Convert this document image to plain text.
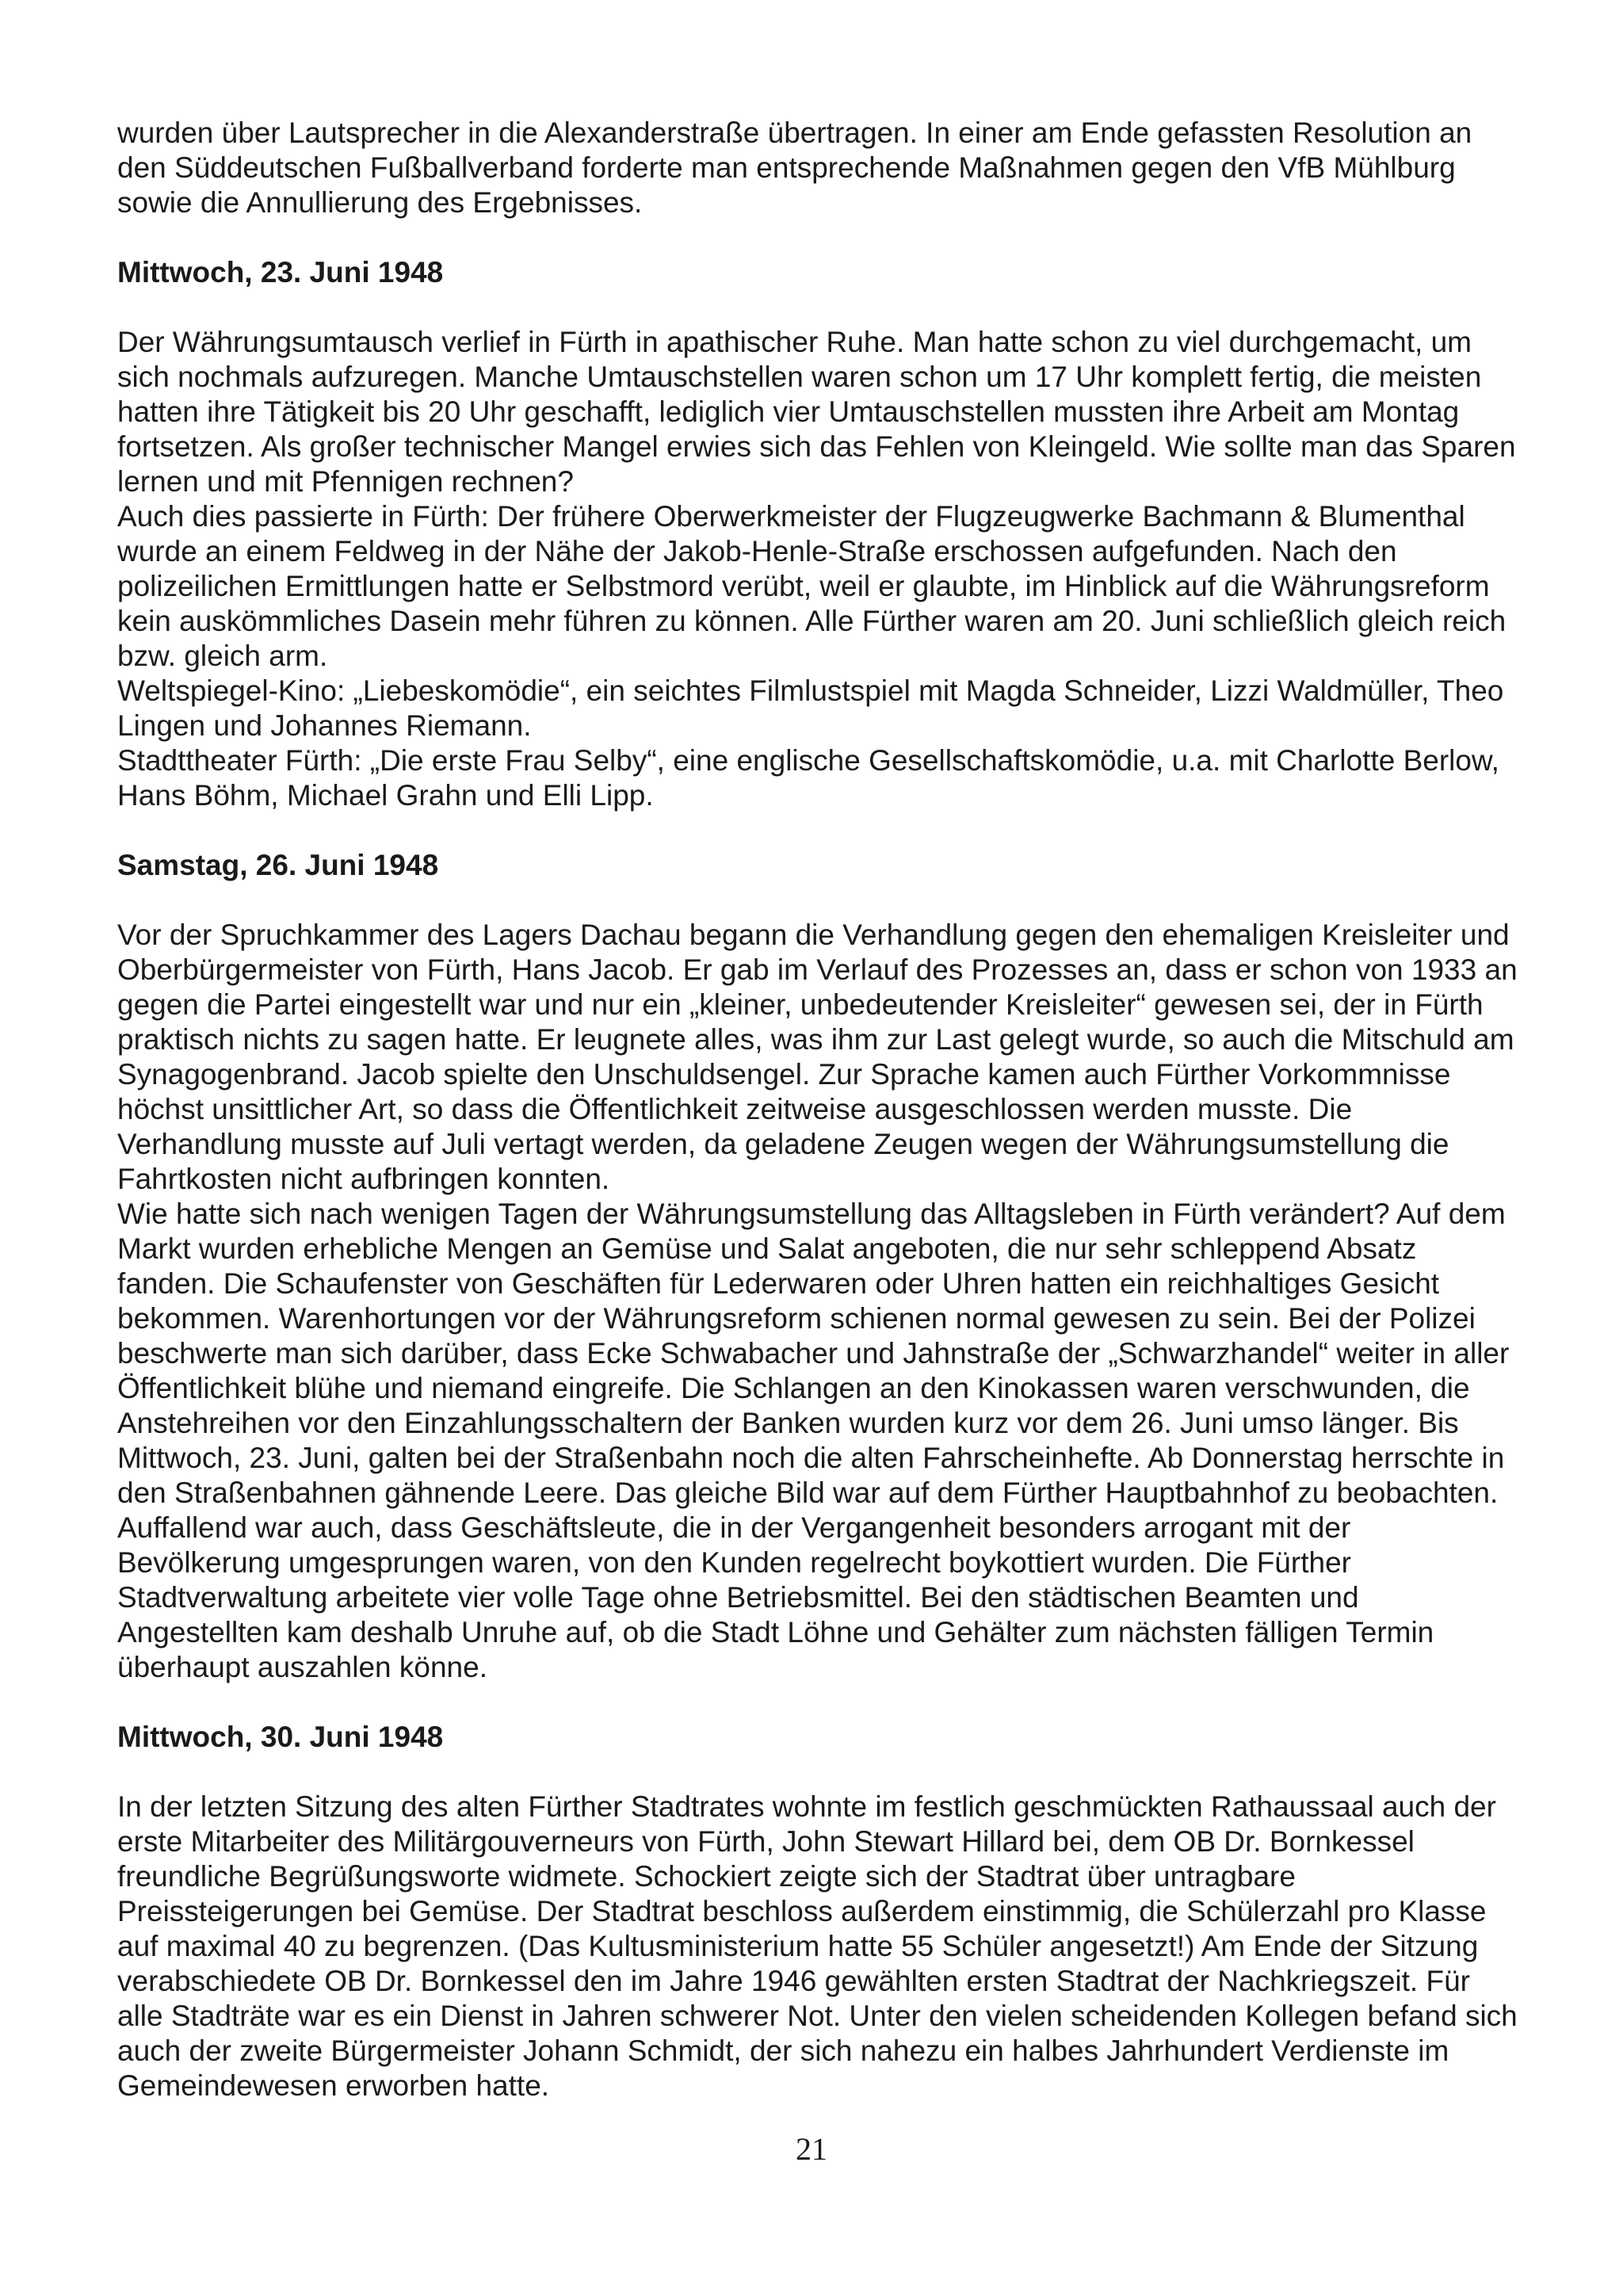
wurden über Lautsprecher in die Alexanderstraße übertragen. In einer am Ende gefassten Resolution an den Süddeutschen Fußballverband forderte man entsprechende Maßnahmen gegen den VfB Mühlburg sowie die Annullierung des Ergebnisses.

Mittwoch, 23. Juni 1948

Der Währungsumtausch verlief in Fürth in apathischer Ruhe. Man hatte schon zu viel durchgemacht, um sich nochmals aufzuregen. Manche Umtauschstellen waren schon um 17 Uhr komplett fertig, die meisten hatten ihre Tätigkeit bis 20 Uhr geschafft, lediglich vier Umtauschstellen mussten ihre Arbeit am Montag fortsetzen. Als großer technischer Mangel erwies sich das Fehlen von Kleingeld. Wie sollte man das Sparen lernen und mit Pfennigen rechnen?

Auch dies passierte in Fürth: Der frühere Oberwerkmeister der Flugzeugwerke Bachmann & Blumenthal wurde an einem Feldweg in der Nähe der Jakob-Henle-Straße erschossen aufgefunden. Nach den polizeilichen Ermittlungen hatte er Selbstmord verübt, weil er glaubte, im Hinblick auf die Währungsreform kein auskömmliches Dasein mehr führen zu können. Alle Fürther waren am 20. Juni schließlich gleich reich bzw. gleich arm.

Weltspiegel-Kino: „Liebeskomödie“, ein seichtes Filmlustspiel mit Magda Schneider, Lizzi Waldmüller, Theo Lingen und Johannes Riemann.

Stadttheater Fürth: „Die erste Frau Selby“, eine englische Gesellschaftskomödie, u.a. mit Charlotte Berlow, Hans Böhm, Michael Grahn und Elli Lipp.

Samstag, 26. Juni 1948

Vor der Spruchkammer des Lagers Dachau begann die Verhandlung gegen den ehemaligen Kreisleiter und Oberbürgermeister von Fürth, Hans Jacob. Er gab im Verlauf des Prozesses an, dass er schon von 1933 an gegen die Partei eingestellt war und nur ein „kleiner, unbedeutender Kreisleiter“ gewesen sei, der in Fürth praktisch nichts zu sagen hatte. Er leugnete alles, was ihm zur Last gelegt wurde, so auch die Mitschuld am Synagogenbrand. Jacob spielte den Unschuldsengel. Zur Sprache kamen auch Fürther Vorkommnisse höchst unsittlicher Art, so dass die Öffentlichkeit zeitweise ausgeschlossen werden musste. Die Verhandlung musste auf Juli vertagt werden, da geladene Zeugen wegen der Währungsumstellung die Fahrtkosten nicht aufbringen konnten.

Wie hatte sich nach wenigen Tagen der Währungsumstellung das Alltagsleben in Fürth verändert? Auf dem Markt wurden erhebliche Mengen an Gemüse und Salat angeboten, die nur sehr schleppend Absatz fanden. Die Schaufenster von Geschäften für Lederwaren oder Uhren hatten ein reichhaltiges Gesicht bekommen. Warenhortungen vor der Währungsreform schienen normal gewesen zu sein. Bei der Polizei beschwerte man sich darüber, dass Ecke Schwabacher und Jahnstraße der „Schwarzhandel“ weiter in aller Öffentlichkeit blühe und niemand eingreife. Die Schlangen an den Kinokassen waren verschwunden, die Anstehreihen vor den Einzahlungsschaltern der Banken wurden kurz vor dem 26. Juni umso länger. Bis Mittwoch, 23. Juni, galten bei der Straßenbahn noch die alten Fahrscheinhefte. Ab Donnerstag herrschte in den Straßenbahnen gähnende Leere. Das gleiche Bild war auf dem Fürther Hauptbahnhof zu beobachten. Auffallend war auch, dass Geschäftsleute, die in der Vergangenheit besonders arrogant mit der Bevölkerung umgesprungen waren, von den Kunden regelrecht boykottiert wurden. Die Fürther Stadtverwaltung arbeitete vier volle Tage ohne Betriebsmittel. Bei den städtischen Beamten und Angestellten kam deshalb Unruhe auf, ob die Stadt Löhne und Gehälter zum nächsten fälligen Termin überhaupt auszahlen könne.

Mittwoch, 30. Juni 1948

In der letzten Sitzung des alten Fürther Stadtrates wohnte im festlich geschmückten Rathaussaal auch der erste Mitarbeiter des Militärgouverneurs von Fürth, John Stewart Hillard bei, dem OB Dr. Bornkessel freundliche Begrüßungsworte widmete. Schockiert zeigte sich der Stadtrat über untragbare Preissteigerungen bei Gemüse. Der Stadtrat beschloss außerdem einstimmig, die Schülerzahl pro Klasse auf maximal 40 zu begrenzen. (Das Kultusministerium hatte 55 Schüler angesetzt!) Am Ende der Sitzung verabschiedete OB Dr. Bornkessel den im Jahre 1946 gewählten ersten Stadtrat der Nachkriegszeit. Für alle Stadträte war es ein Dienst in Jahren schwerer Not. Unter den vielen scheidenden Kollegen befand sich auch der zweite Bürgermeister Johann Schmidt, der sich nahezu ein halbes Jahrhundert Verdienste im Gemeindewesen erworben hatte.

21
